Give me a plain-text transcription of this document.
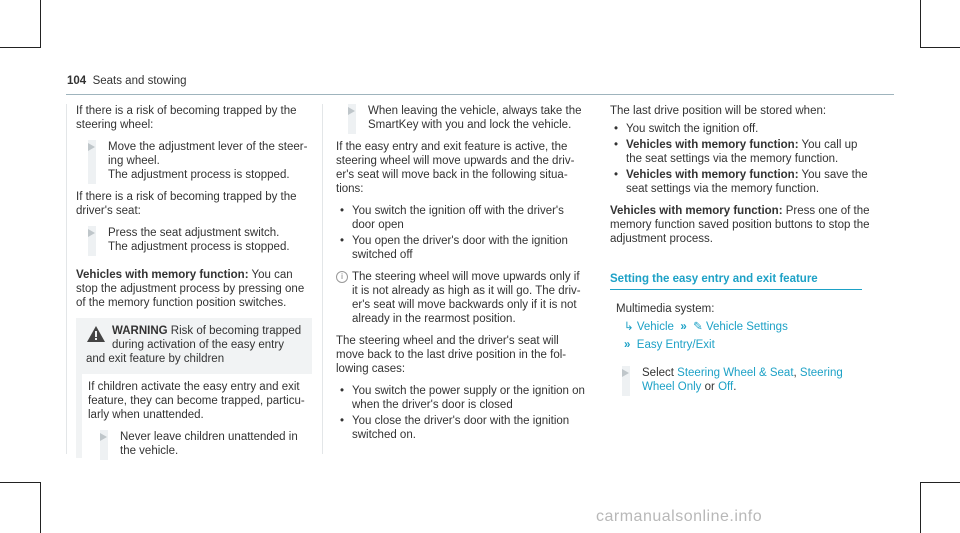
104 Seats and stowing

If there is a risk of becoming trapped by the steering wheel:

Move the adjustment lever of the steer-
ing wheel.
The adjustment process is stopped.

If there is a risk of becoming trapped by the driver's seat:

Press the seat adjustment switch.
The adjustment process is stopped.

Vehicles with memory function: You can stop the adjustment process by pressing one of the memory function position switches.

WARNING Risk of becoming trapped during activation of the easy entry and exit feature by children

If children activate the easy entry and exit feature, they can become trapped, particu- larly when unattended.

Never leave children unattended in the vehicle.
When leaving the vehicle, always take the SmartKey with you and lock the vehicle.

If the easy entry and exit feature is active, the steering wheel will move upwards and the driv- er's seat will move back in the following situa- tions:

• You switch the ignition off with the driver's door open
• You open the driver's door with the ignition switched off
i The steering wheel will move upwards only if it is not already as high as it will go. The driv- er's seat will move backwards only if it is not already in the rearmost position.

The steering wheel and the driver's seat will move back to the last drive position in the fol- lowing cases:

• You switch the power supply or the ignition on when the driver's door is closed
• You close the driver's door with the ignition switched on.

The last drive position will be stored when:

• You switch the ignition off.
• Vehicles with memory function: You call up the seat settings via the memory function.
• Vehicles with memory function: You save the seat settings via the memory function.

Vehicles with memory function: Press one of the memory function saved position buttons to stop the adjustment process.

Setting the easy entry and exit feature

Multimedia system:

↳ Vehicle  »  ✎ Vehicle Settings
»  Easy Entry/Exit
Select Steering Wheel & Seat, Steering Wheel Only or Off.
carmanualsonline.info
